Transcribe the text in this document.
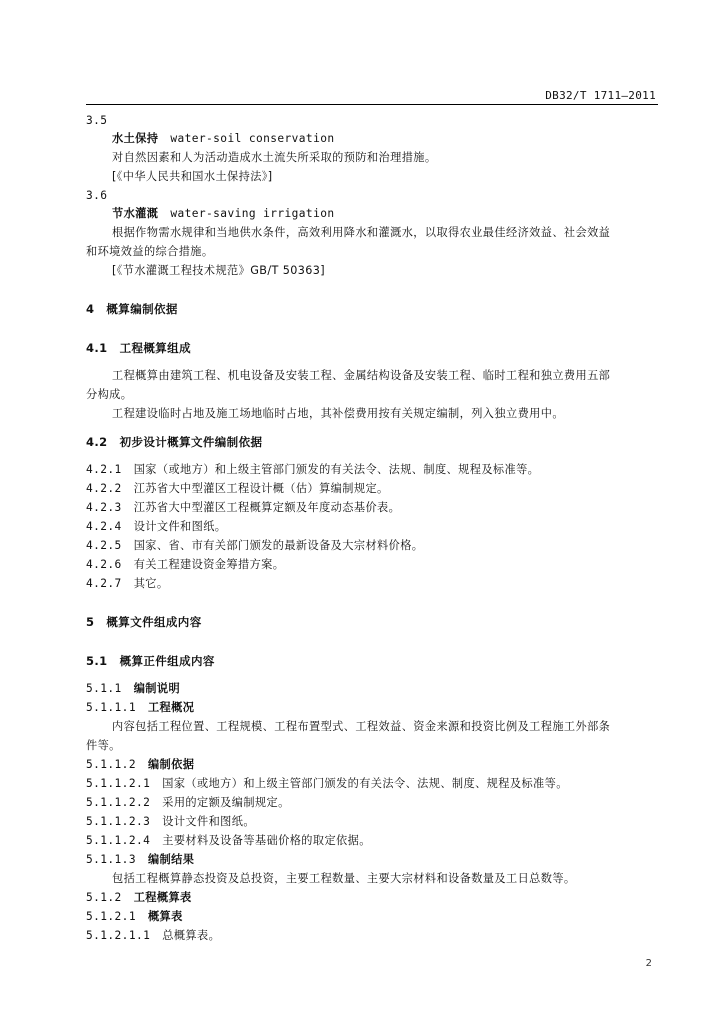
DB32/T 1711—2011
3.5
水土保持 water-soil conservation
对自然因素和人为活动造成水土流失所采取的预防和治理措施。
[《中华人民共和国水土保持法》]
3.6
节水灌溉 water-saving irrigation
根据作物需水规律和当地供水条件，高效利用降水和灌溉水，以取得农业最佳经济效益、社会效益
和环境效益的综合措施。
[《节水灌溉工程技术规范》GB/T 50363]
4 概算编制依据
4.1 工程概算组成
工程概算由建筑工程、机电设备及安装工程、金属结构设备及安装工程、临时工程和独立费用五部
分构成。
工程建设临时占地及施工场地临时占地，其补偿费用按有关规定编制，列入独立费用中。
4.2 初步设计概算文件编制依据
4.2.1 国家（或地方）和上级主管部门颁发的有关法令、法规、制度、规程及标准等。
4.2.2 江苏省大中型灌区工程设计概（估）算编制规定。
4.2.3 江苏省大中型灌区工程概算定额及年度动态基价表。
4.2.4 设计文件和图纸。
4.2.5 国家、省、市有关部门颁发的最新设备及大宗材料价格。
4.2.6 有关工程建设资金筹措方案。
4.2.7 其它。
5 概算文件组成内容
5.1 概算正件组成内容
5.1.1 编制说明
5.1.1.1 工程概况
内容包括工程位置、工程规模、工程布置型式、工程效益、资金来源和投资比例及工程施工外部条
件等。
5.1.1.2 编制依据
5.1.1.2.1 国家（或地方）和上级主管部门颁发的有关法令、法规、制度、规程及标准等。
5.1.1.2.2 采用的定额及编制规定。
5.1.1.2.3 设计文件和图纸。
5.1.1.2.4 主要材料及设备等基础价格的取定依据。
5.1.1.3 编制结果
包括工程概算静态投资及总投资，主要工程数量、主要大宗材料和设备数量及工日总数等。
5.1.2 工程概算表
5.1.2.1 概算表
5.1.2.1.1 总概算表。
2
